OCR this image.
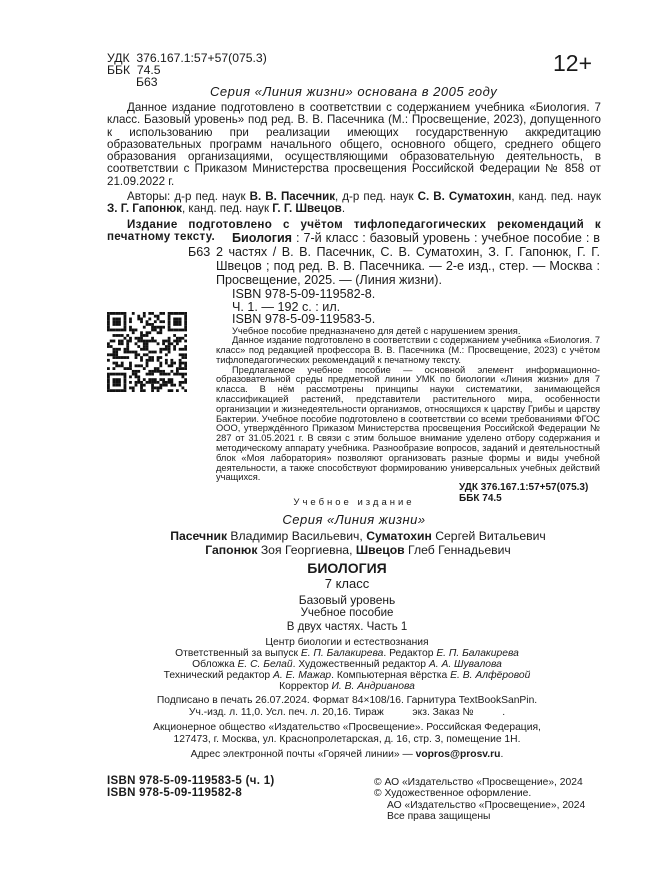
УДК  376.167.1:57+57(075.3)
ББК  74.5
Б63
12+
Серия «Линия жизни» основана в 2005 году
Данное издание подготовлено в соответствии с содержанием учебника «Биология. 7 класс. Базовый уровень» под ред. В. В. Пасечника (М.: Просвещение, 2023), допущенного к использованию при реализации имеющих государственную аккредитацию образовательных программ начального общего, основного общего, среднего общего образования организациями, осуществляющими образовательную деятельность, в соответствии с Приказом Министерства просвещения Российской Федерации № 858 от 21.09.2022 г.
Авторы: д-р пед. наук В. В. Пасечник, д-р пед. наук С. В. Суматохин, канд. пед. наук З. Г. Гапонюк, канд. пед. наук Г. Г. Швецов.
Издание подготовлено с учётом тифлопедагогических рекомендаций к печатному тексту.
Б63
Биология : 7-й класс : базовый уровень : учебное пособие : в 2 частях / В. В. Пасечник, С. В. Суматохин, З. Г. Гапонюк, Г. Г. Швецов ; под ред. В. В. Пасечника. — 2-е изд., стер. — Москва : Просвещение, 2025. — (Линия жизни).
ISBN 978-5-09-119582-8.
Ч. 1. — 192 с. : ил.
ISBN 978-5-09-119583-5.
Учебное пособие предназначено для детей с нарушением зрения.
Данное издание подготовлено в соответствии с содержанием учебника «Биология. 7 класс» под редакцией профессора В. В. Пасечника (М.: Просвещение, 2023) с учётом тифлопедагогических рекомендаций к печатному тексту.
Предлагаемое учебное пособие — основной элемент информационно-образовательной среды предметной линии УМК по биологии «Линия жизни» для 7 класса. В нём рассмотрены принципы науки систематики, занимающейся классификацией растений, представители растительного мира, особенности организации и жизнедеятельности организмов, относящихся к царству Грибы и царству Бактерии. Учебное пособие подготовлено в соответствии со всеми требованиями ФГОС ООО, утверждённого Приказом Министерства просвещения Российской Федерации № 287 от 31.05.2021 г. В связи с этим большое внимание уделено отбору содержания и методическому аппарату учебника. Разнообразие вопросов, заданий и деятельностный блок «Моя лаборатория» позволяют организовать разные формы и виды учебной деятельности, а также способствуют формированию универсальных учебных действий учащихся.
УДК 376.167.1:57+57(075.3)
ББК 74.5
Учебное издание
Серия «Линия жизни»
Пасечник Владимир Васильевич, Суматохин Сергей Витальевич
Гапонюк Зоя Георгиевна, Швецов Глеб Геннадьевич
БИОЛОГИЯ
7 класс
Базовый уровень
Учебное пособие
В двух частях. Часть 1
Центр биологии и естествознания
Ответственный за выпуск Е. П. Балакирева. Редактор Е. П. Балакирева
Обложка Е. С. Белай. Художественный редактор А. А. Шувалова
Технический редактор А. Е. Мажар. Компьютерная вёрстка Е. В. Алфёровой
Корректор И. В. Андрианова
Подписано в печать 26.07.2024. Формат 84×108/16. Гарнитура TextBookSanPin.
Уч.-изд. л. 11,0. Усл. печ. л. 20,16. Тираж          экз. Заказ №          .
Акционерное общество «Издательство «Просвещение». Российская Федерация,
127473, г. Москва, ул. Краснопролетарская, д. 16, стр. 3, помещение 1Н.
Адрес электронной почты «Горячей линии» — vopros@prosv.ru.
ISBN 978-5-09-119583-5 (ч. 1)
ISBN 978-5-09-119582-8
© АО «Издательство «Просвещение», 2024
© Художественное оформление.
АО «Издательство «Просвещение», 2024
Все права защищены
